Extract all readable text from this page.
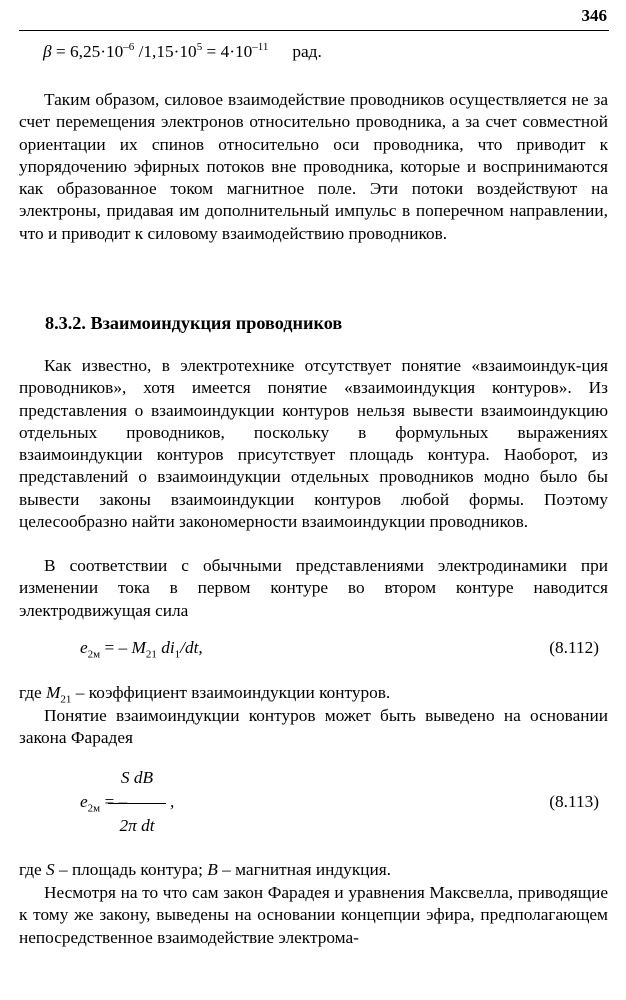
346
$\beta = 6,25\cdot 10^{-6}$ $/1,15\cdot 10^5 = 4\cdot 10^{-11}$ рад.

Таким образом, силовое взаимодействие проводников осуществляется не за счет перемещения электронов относительно проводника, а за счет совместной ориентации их спинов относительно оси проводника, что приводит к упорядочению эфирных потоков вне проводника, которые и воспринимаются как образованное током магнитное поле. Эти потоки воздействуют на электроны, придавая им дополнительный импульс в поперечном направлении, что и приводит к силовому взаимодействию проводников.

8.3.2. Взаимоиндукция проводников

Как известно, в электротехнике отсутствует понятие «взаимоиндук-ция проводников», хотя имеется понятие «взаимоиндукция контуров». Из представления о взаимоиндукции контуров нельзя вывести взаимоиндукцию отдельных проводников, поскольку в формульных выражениях взаимоиндукции контуров присутствует площадь контура. Наоборот, из представлений о взаимоиндукции отдельных проводников модно было бы вывести законы взаимоиндукции контуров любой формы. Поэтому целесообразно найти закономерности взаимоиндукции проводников.

В соответствии с обычными представлениями электродинамики при изменении тока в первом контуре во втором контуре наводится электродвижущая сила

$e_{2м}$ = – $M_{21}$ $di_1/dt$,	(8.112)
где $M_{21}$ – коэффициент взаимоиндукции контуров.

Понятие взаимоиндукции контуров может быть выведено на основании закона Фарадея

S dB
2π dt
$e_{2м}$ = –	,	(8.113)
где S – площадь контура; B – магнитная индукция.

Несмотря на то что сам закон Фарадея и уравнения Максвелла, приводящие к тому же закону, выведены на основании концепции эфира, предполагающем непосредственное взаимодействие электрома-
